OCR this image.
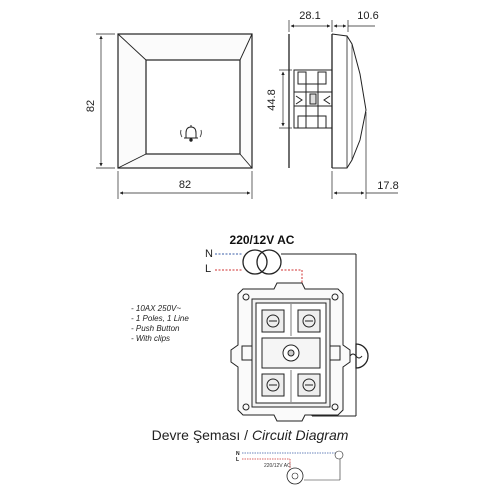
82
82
28.1	10.6
44.8
17.8
220/12V AC
N
L
- 10AX 250V~
- 1 Poles, 1 Line
- Push Button
- With clips
N
L
220/12V AC
Devre Şeması / Circuit Diagram
